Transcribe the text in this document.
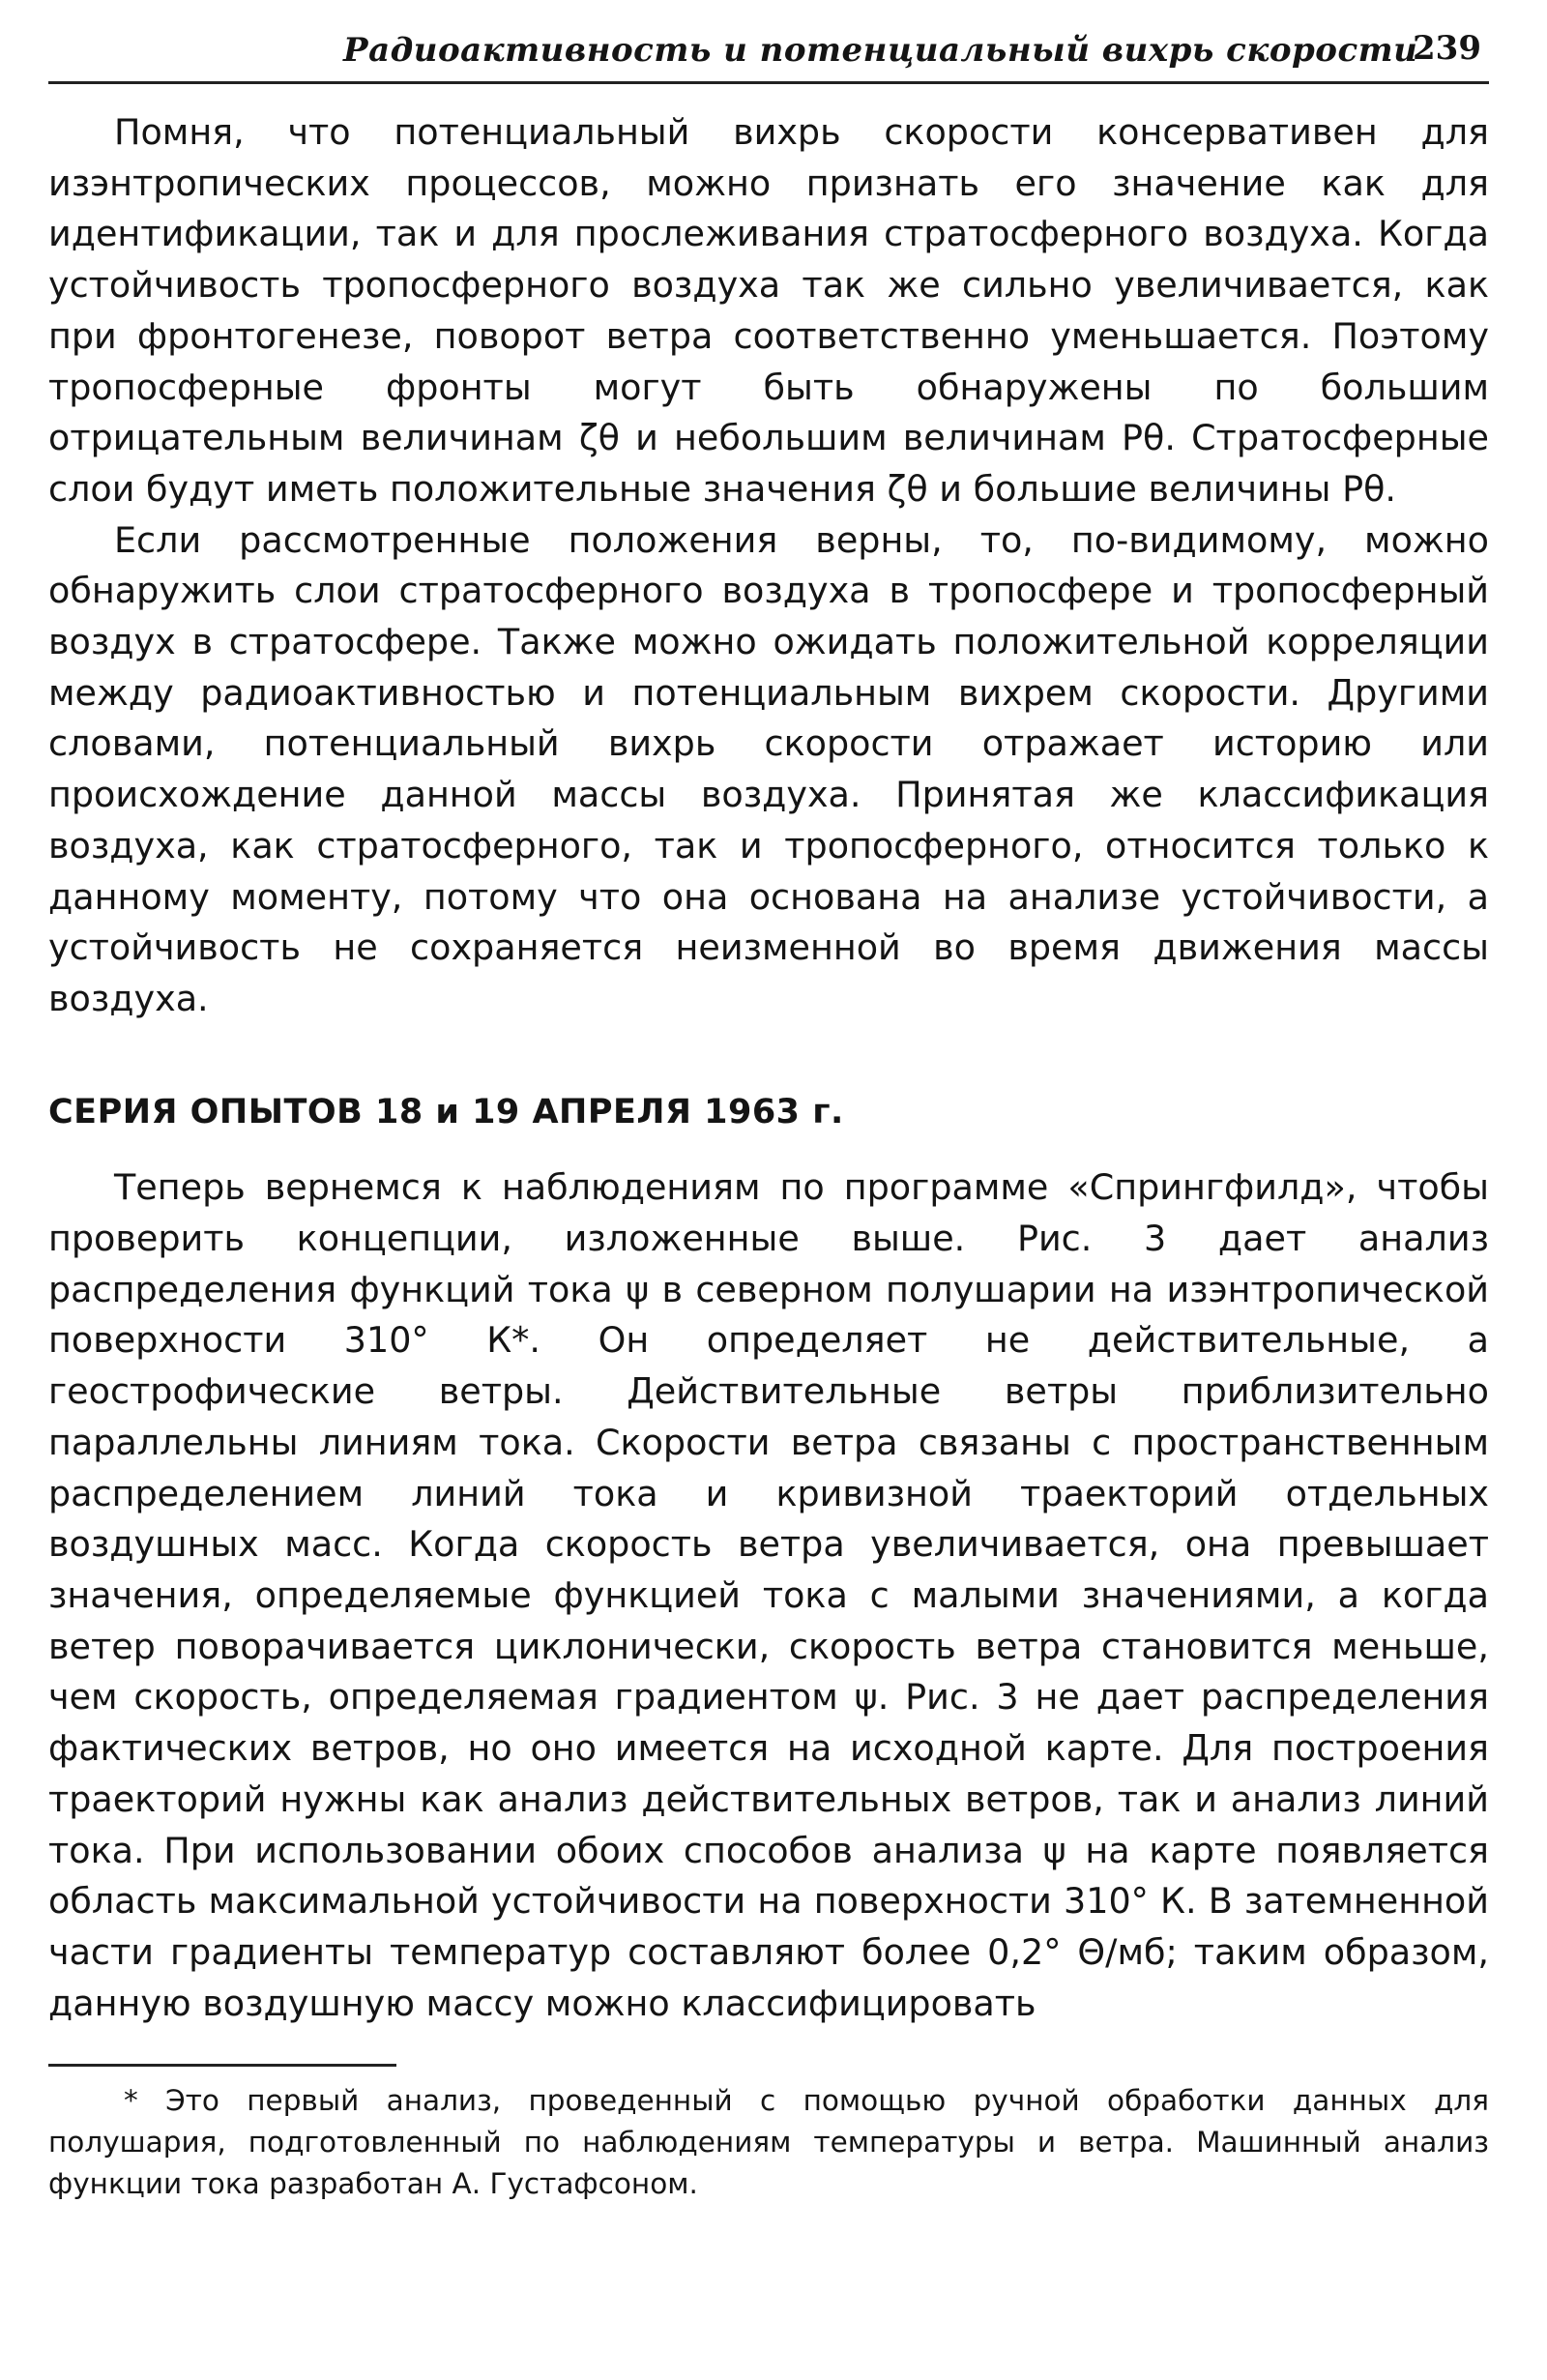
Радиоактивность и потенциальный вихрь скорости
239

Помня, что потенциальный вихрь скорости консервативен для изэнтропических процессов, можно признать его значение как для идентификации, так и для прослеживания стратосферного воздуха. Когда устойчивость тропосферного воздуха так же сильно увеличивается, как при фронтогенезе, поворот ветра соответственно уменьшается. Поэтому тропосферные фронты могут быть обнаружены по большим отрицательным величинам ζθ и небольшим величинам Pθ. Стратосферные слои будут иметь положительные значения ζθ и большие величины Pθ.

Если рассмотренные положения верны, то, по-видимому, можно обнаружить слои стратосферного воздуха в тропосфере и тропосферный воздух в стратосфере. Также можно ожидать положительной корреляции между радиоактивностью и потенциальным вихрем скорости. Другими словами, потенциальный вихрь скорости отражает историю или происхождение данной массы воздуха. Принятая же классификация воздуха, как стратосферного, так и тропосферного, относится только к данному моменту, потому что она основана на анализе устойчивости, а устойчивость не сохраняется неизменной во время движения массы воздуха.

СЕРИЯ ОПЫТОВ 18 и 19 АПРЕЛЯ 1963 г.

Теперь вернемся к наблюдениям по программе «Спрингфилд», чтобы проверить концепции, изложенные выше. Рис. 3 дает анализ распределения функций тока ψ в северном полушарии на изэнтропической поверхности 310° К*. Он определяет не действительные, а геострофические ветры. Действительные ветры приблизительно параллельны линиям тока. Скорости ветра связаны с пространственным распределением линий тока и кривизной траекторий отдельных воздушных масс. Когда скорость ветра увеличивается, она превышает значения, определяемые функцией тока с малыми значениями, а когда ветер поворачивается циклонически, скорость ветра становится меньше, чем скорость, определяемая градиентом ψ. Рис. 3 не дает распределения фактических ветров, но оно имеется на исходной карте. Для построения траекторий нужны как анализ действительных ветров, так и анализ линий тока. При использовании обоих способов анализа ψ на карте появляется область максимальной устойчивости на поверхности 310° К. В затемненной части градиенты температур составляют более 0,2° Θ/мб; таким образом, данную воздушную массу можно классифицировать

* Это первый анализ, проведенный с помощью ручной обработки данных для полушария, подготовленный по наблюдениям температуры и ветра. Машинный анализ функции тока разработан А. Густафсоном.
